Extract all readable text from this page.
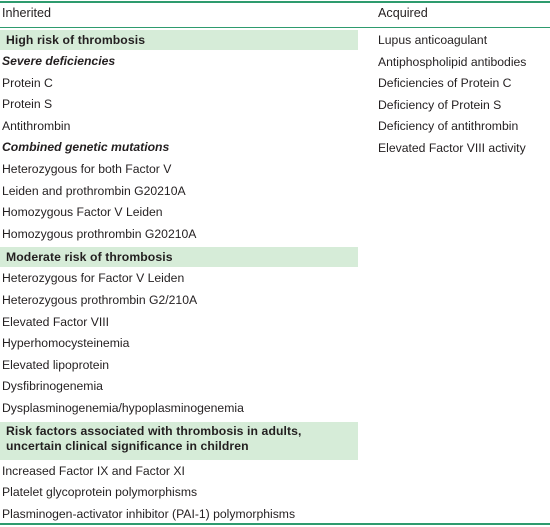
Inherited	Acquired
High risk of thrombosis
Severe deficiencies
Protein C
Protein S
Antithrombin
Combined genetic mutations
Heterozygous for both Factor V
Leiden and prothrombin G20210A
Homozygous Factor V Leiden
Homozygous prothrombin G20210A
Moderate risk of thrombosis
Heterozygous for Factor V Leiden
Heterozygous prothrombin G2/210A
Elevated Factor VIII
Hyperhomocysteinemia
Elevated lipoprotein
Dysfibrinogenemia
Dysplasminogenemia/hypoplasminogenemia
Risk factors associated with thrombosis in adults,
uncertain clinical significance in children
Increased Factor IX and Factor XI
Platelet glycoprotein polymorphisms
Plasminogen-activator inhibitor (PAI-1) polymorphisms
Lupus anticoagulant
Antiphospholipid antibodies
Deficiencies of Protein C
Deficiency of Protein S
Deficiency of antithrombin
Elevated Factor VIII activity
